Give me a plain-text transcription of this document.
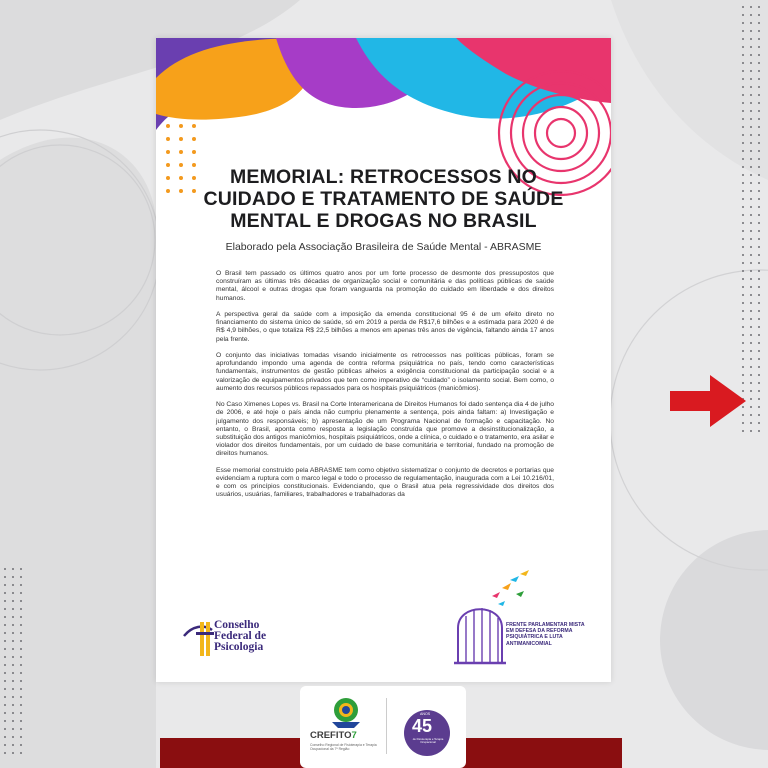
MEMORIAL: RETROCESSOS NO
CUIDADO E TRATAMENTO DE SAÚDE
MENTAL E DROGAS NO BRASIL
Elaborado pela Associação Brasileira de Saúde Mental - ABRASME

O Brasil tem passado os últimos quatro anos por um forte processo de desmonte dos pressupostos que construíram as últimas três décadas de organização social e comunitária e das políticas públicas de saúde mental, álcool e outras drogas que foram vanguarda na promoção do cuidado em liberdade e dos direitos humanos.

A perspectiva geral da saúde com a imposição da emenda constitucional 95 é de um efeito direto no financiamento do sistema único de saúde, só em 2019 a perda de R$17,6 bilhões e a estimada para 2020 é de R$ 4,9 bilhões, o que totaliza R$ 22,5 bilhões a menos em apenas três anos de vigência, faltando ainda 17 anos pela frente.

O conjunto das iniciativas tomadas visando inicialmente os retrocessos nas políticas públicas, foram se aprofundando impondo uma agenda de contra reforma psiquiátrica no país, tendo como características fundamentais, instrumentos de gestão públicas alheios a exigência constitucional da participação social e a valorização de equipamentos privados que tem como imperativo de “cuidado” o isolamento social. Bem como, o aumento dos recursos públicos repassados para os hospitais psiquiátricos (manicômios).

No Caso Ximenes Lopes vs. Brasil na Corte Interamericana de Direitos Humanos foi dado sentença dia 4 de julho de 2006, e até hoje o país ainda não cumpriu plenamente a sentença, pois ainda faltam: a) Investigação e julgamento dos responsáveis; b) apresentação de um Programa Nacional de formação e capacitação. No entanto, o Brasil, aponta como resposta a legislação construída que promove a desinstitucionalização, a substituição dos antigos manicômios, hospitais psiquiátricos, onde a clínica, o cuidado e o tratamento, era asilar e violador dos direitos fundamentais, por um cuidado de base comunitária e territorial, fundado na promoção de direitos humanos.

Esse memorial construído pela ABRASME tem como objetivo sistematizar o conjunto de decretos e portarias que evidenciam a ruptura com o marco legal e todo o processo de regulamentação, inaugurada com a Lei 10.216/01, e com os princípios constitucionais. Evidenciando, que o Brasil atua pela regressividade dos direitos dos usuários, usuárias, familiares, trabalhadores e trabalhadoras da

Conselho
Federal de
Psicologia
FRENTE PARLAMENTAR MISTA
EM DEFESA DA REFORMA
PSIQUIÁTRICA E LUTA
ANTIMANICOMIAL
CREFITO7
Conselho Regional de Fisioterapia e Terapia Ocupacional da 7ª Região
ANOS
45
de Fisioterapia e Terapia Ocupacional
